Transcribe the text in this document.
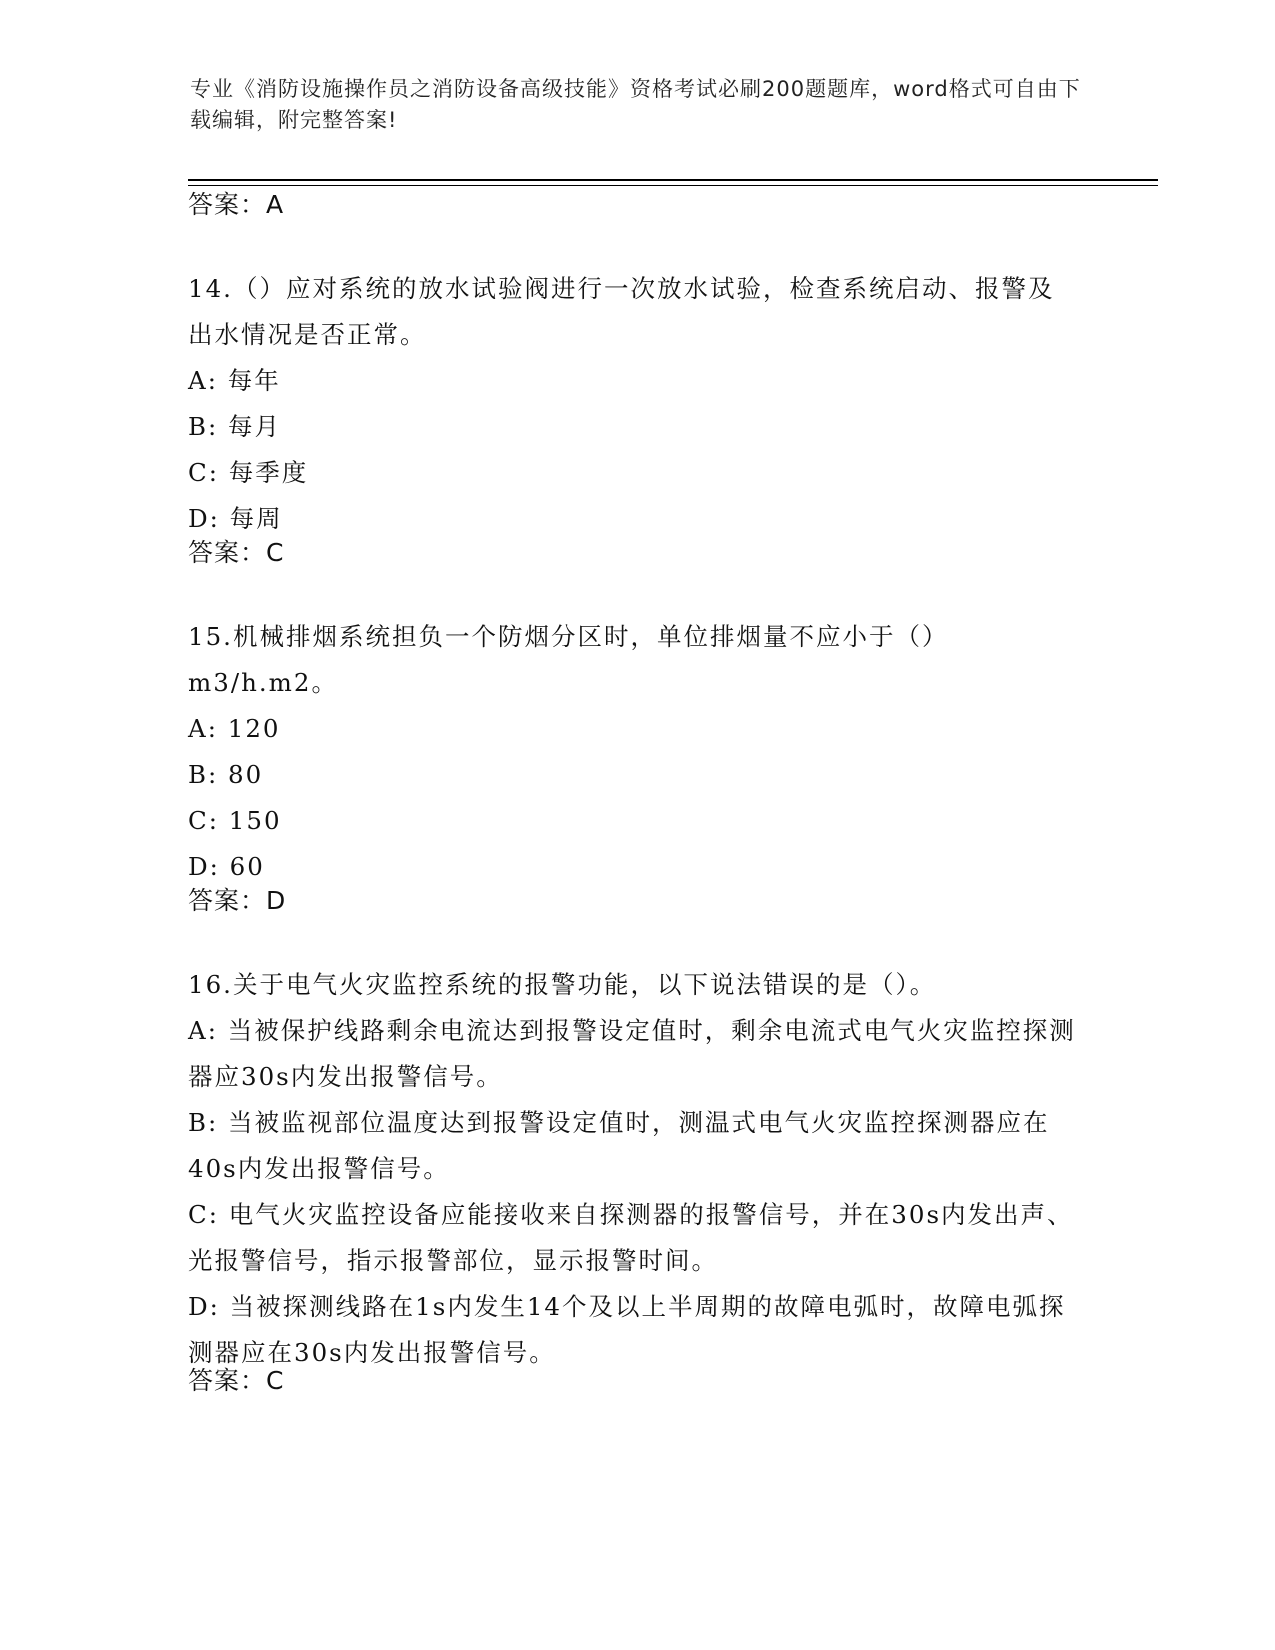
专业《消防设施操作员之消防设备高级技能》资格考试必刷200题题库，word格式可自由下载编辑，附完整答案!
答案：A
14.（）应对系统的放水试验阀进行一次放水试验，检查系统启动、报警及出水情况是否正常。
A: 每年
B: 每月
C: 每季度
D: 每周
答案：C
15.机械排烟系统担负一个防烟分区时，单位排烟量不应小于（）m3/h.m2。
A: 120
B: 80
C: 150
D: 60
答案：D
16.关于电气火灾监控系统的报警功能，以下说法错误的是（）。
A: 当被保护线路剩余电流达到报警设定值时，剩余电流式电气火灾监控探测器应30s内发出报警信号。
B: 当被监视部位温度达到报警设定值时，测温式电气火灾监控探测器应在40s内发出报警信号。
C: 电气火灾监控设备应能接收来自探测器的报警信号，并在30s内发出声、光报警信号，指示报警部位，显示报警时间。
D: 当被探测线路在1s内发生14个及以上半周期的故障电弧时，故障电弧探测器应在30s内发出报警信号。
答案：C
